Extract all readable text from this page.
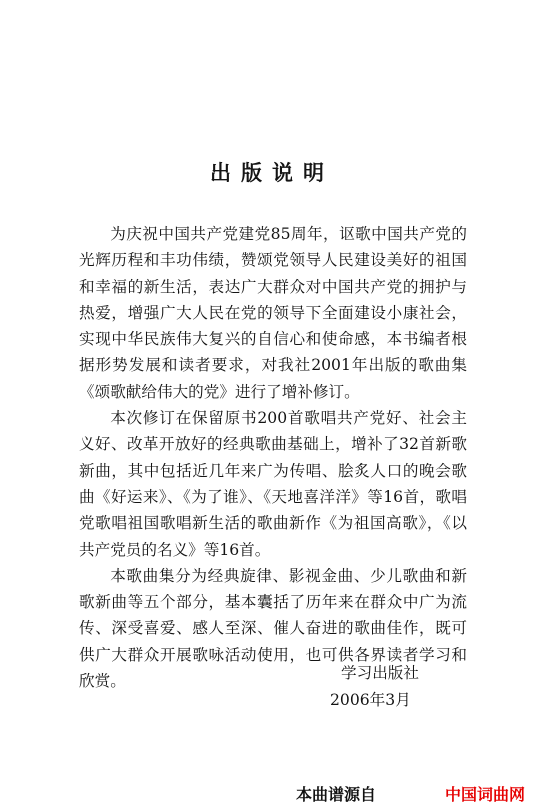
出版说明

为庆祝中国共产党建党85周年，讴歌中国共产党的光辉历程和丰功伟绩，赞颂党领导人民建设美好的祖国和幸福的新生活，表达广大群众对中国共产党的拥护与热爱，增强广大人民在党的领导下全面建设小康社会，实现中华民族伟大复兴的自信心和使命感，本书编者根据形势发展和读者要求，对我社2001年出版的歌曲集《颂歌献给伟大的党》进行了增补修订。

本次修订在保留原书200首歌唱共产党好、社会主义好、改革开放好的经典歌曲基础上，增补了32首新歌新曲，其中包括近几年来广为传唱、脍炙人口的晚会歌曲《好运来》、《为了谁》、《天地喜洋洋》等16首，歌唱党歌唱祖国歌唱新生活的歌曲新作《为祖国高歌》，《以共产党员的名义》等16首。

本歌曲集分为经典旋律、影视金曲、少儿歌曲和新歌新曲等五个部分，基本囊括了历年来在群众中广为流传、深受喜爱、感人至深、催人奋进的歌曲佳作，既可供广大群众开展歌咏活动使用，也可供各界读者学习和欣赏。	学习出版社
2006年3月
本曲谱源自	中国词曲网
